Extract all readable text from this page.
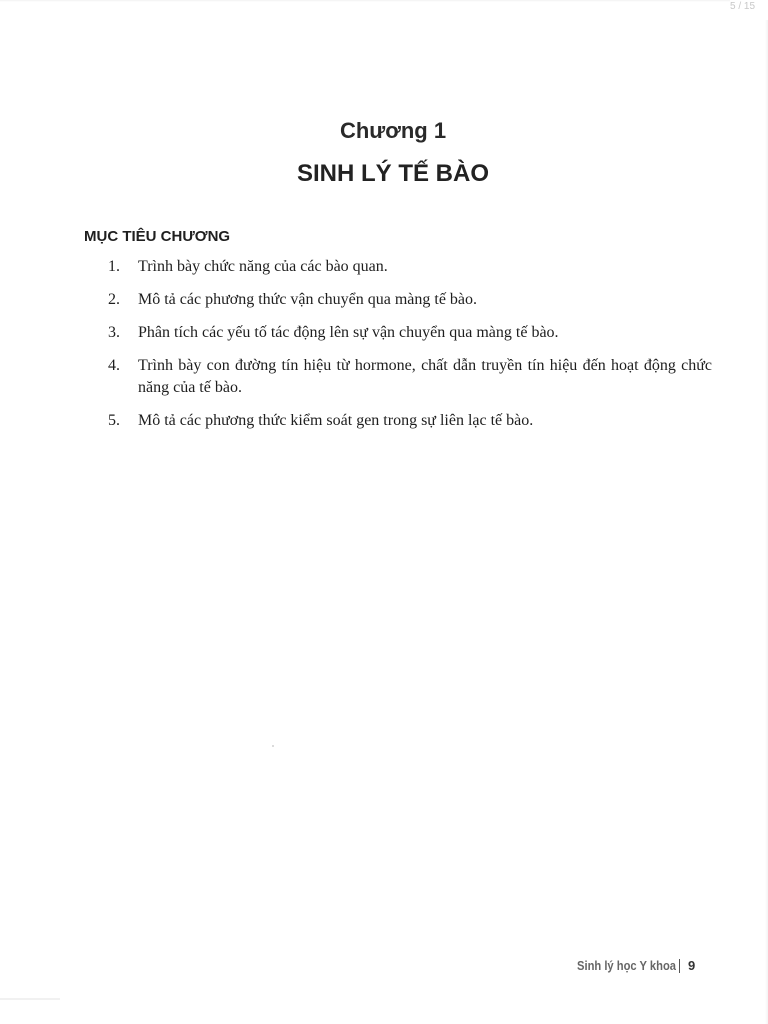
5 / 15
Chương 1
SINH LÝ TẾ BÀO
MỤC TIÊU CHƯƠNG
1.	Trình bày chức năng của các bào quan.
2.	Mô tả các phương thức vận chuyển qua màng tế bào.
3.	Phân tích các yếu tố tác động lên sự vận chuyển qua màng tế bào.
4.	Trình bày con đường tín hiệu từ hormone, chất dẫn truyền tín hiệu đến hoạt động chức năng của tế bào.
5.	Mô tả các phương thức kiểm soát gen trong sự liên lạc tế bào.
Sinh lý học Y khoa 9
